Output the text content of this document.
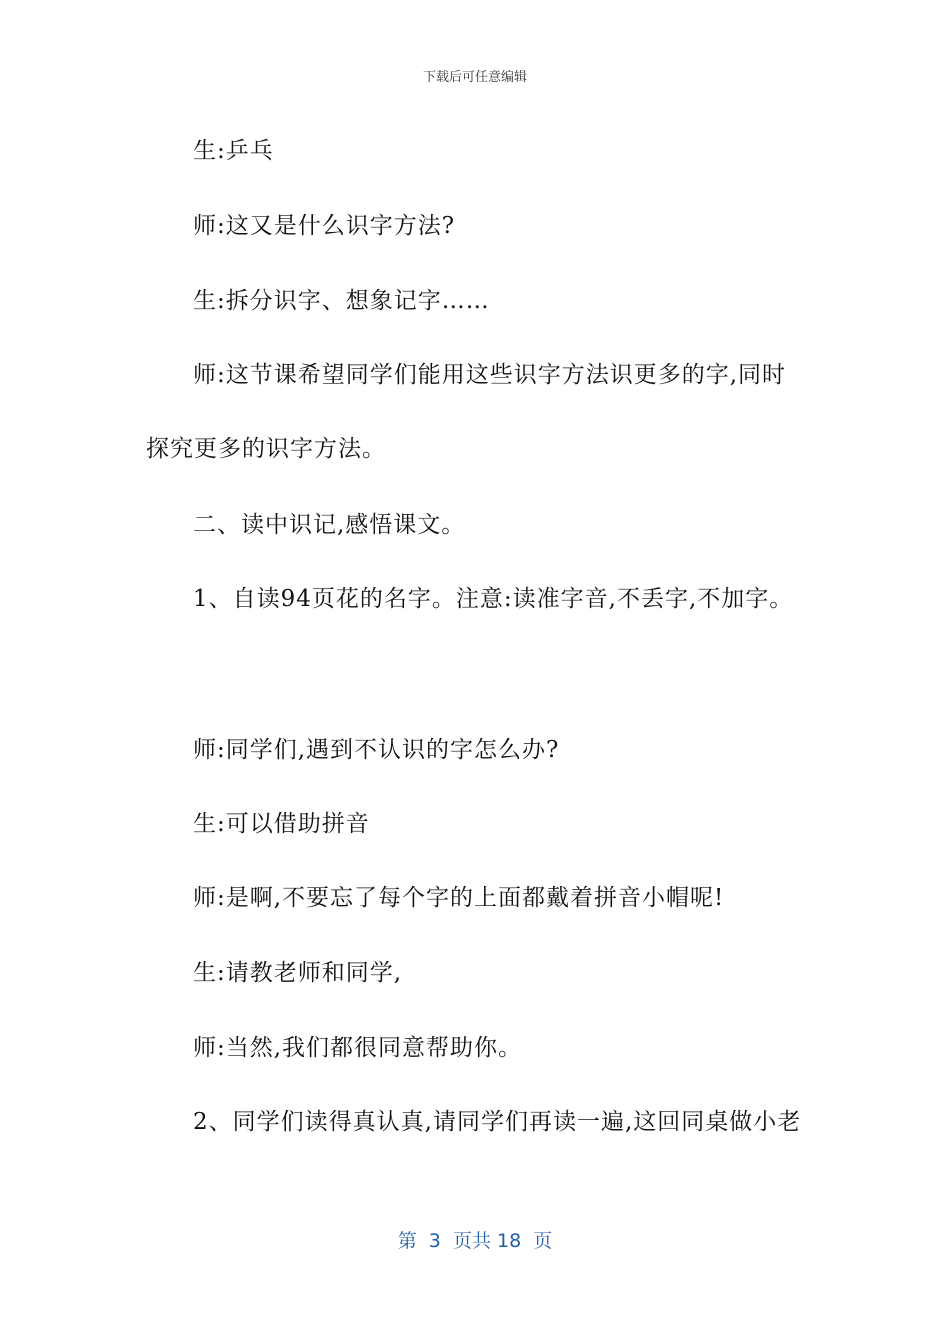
下载后可任意编辑
生:乒乓
师:这又是什么识字方法?
生:拆分识字、想象记字……
师:这节课希望同学们能用这些识字方法识更多的字,同时
探究更多的识字方法。
二、读中识记,感悟课文。
1、自读94页花的名字。注意:读准字音,不丢字,不加字。
师:同学们,遇到不认识的字怎么办?
生:可以借助拼音
师:是啊,不要忘了每个字的上面都戴着拼音小帽呢!
生:请教老师和同学,
师:当然,我们都很同意帮助你。
2、同学们读得真认真,请同学们再读一遍,这回同桌做小老
第  3  页共 18  页
